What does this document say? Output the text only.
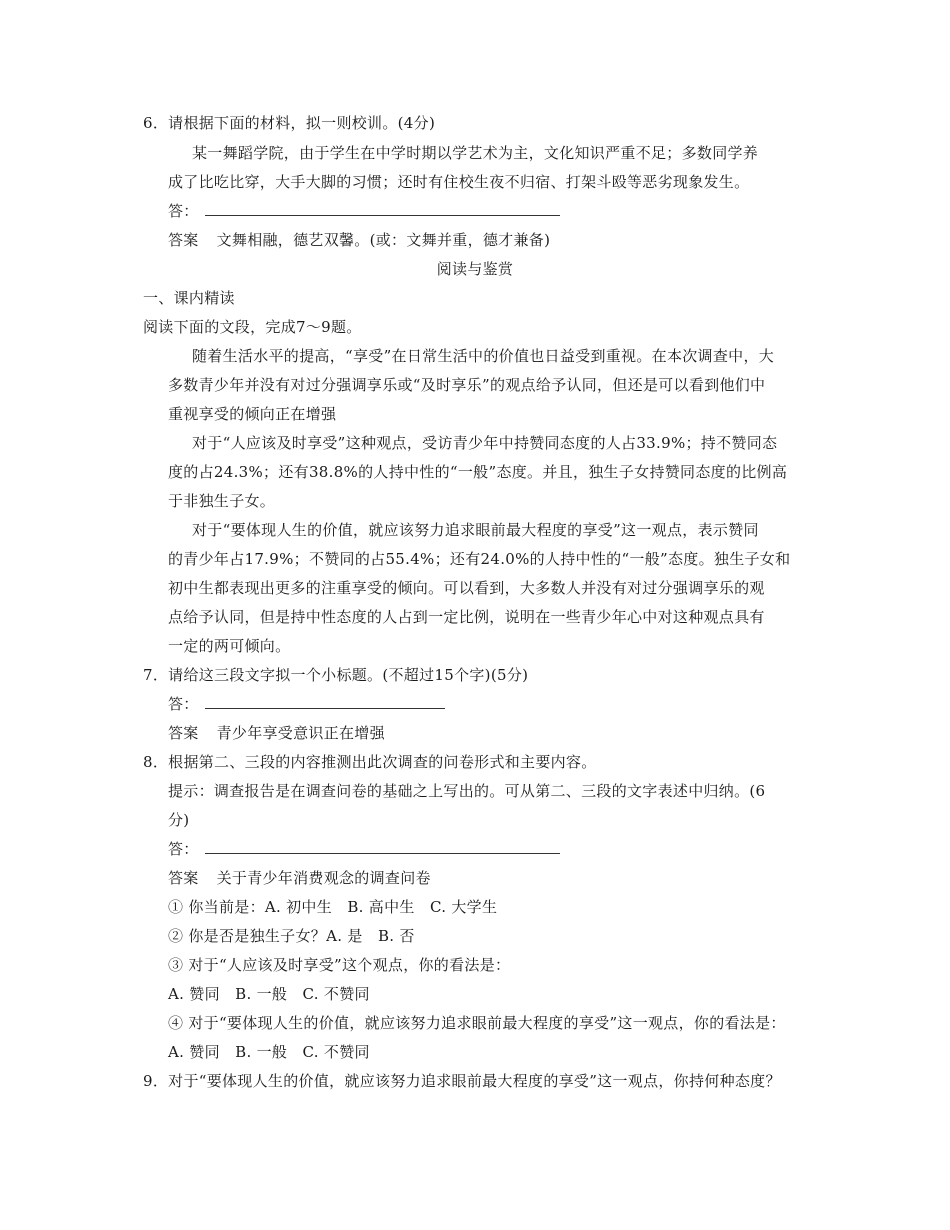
6．请根据下面的材料，拟一则校训。(4分)
某一舞蹈学院，由于学生在中学时期以学艺术为主，文化知识严重不足；多数同学养
成了比吃比穿，大手大脚的习惯；还时有住校生夜不归宿、打架斗殴等恶劣现象发生。
答：
答案 文舞相融，德艺双馨。(或：文舞并重，德才兼备)
阅读与鉴赏
一、课内精读
阅读下面的文段，完成7～9题。
随着生活水平的提高，“享受”在日常生活中的价值也日益受到重视。在本次调查中，大
多数青少年并没有对过分强调享乐或“及时享乐”的观点给予认同，但还是可以看到他们中
重视享受的倾向正在增强
对于“人应该及时享受”这种观点，受访青少年中持赞同态度的人占33.9%；持不赞同态
度的占24.3%；还有38.8%的人持中性的“一般”态度。并且，独生子女持赞同态度的比例高
于非独生子女。
对于“要体现人生的价值，就应该努力追求眼前最大程度的享受”这一观点，表示赞同
的青少年占17.9%；不赞同的占55.4%；还有24.0%的人持中性的“一般”态度。独生子女和
初中生都表现出更多的注重享受的倾向。可以看到，大多数人并没有对过分强调享乐的观
点给予认同，但是持中性态度的人占到一定比例，说明在一些青少年心中对这种观点具有
一定的两可倾向。
7．请给这三段文字拟一个小标题。(不超过15个字)(5分)
答：
答案 青少年享受意识正在增强
8．根据第二、三段的内容推测出此次调查的问卷形式和主要内容。
提示：调查报告是在调查问卷的基础之上写出的。可从第二、三段的文字表述中归纳。(6
分)
答：
答案 关于青少年消费观念的调查问卷
① 你当前是：A. 初中生　B. 高中生　C. 大学生
② 你是否是独生子女？A. 是　B. 否
③ 对于“人应该及时享受”这个观点，你的看法是：
A. 赞同　B. 一般　C. 不赞同
④ 对于“要体现人生的价值，就应该努力追求眼前最大程度的享受”这一观点，你的看法是：
A. 赞同　B. 一般　C. 不赞同
9．对于“要体现人生的价值，就应该努力追求眼前最大程度的享受”这一观点，你持何种态度？
